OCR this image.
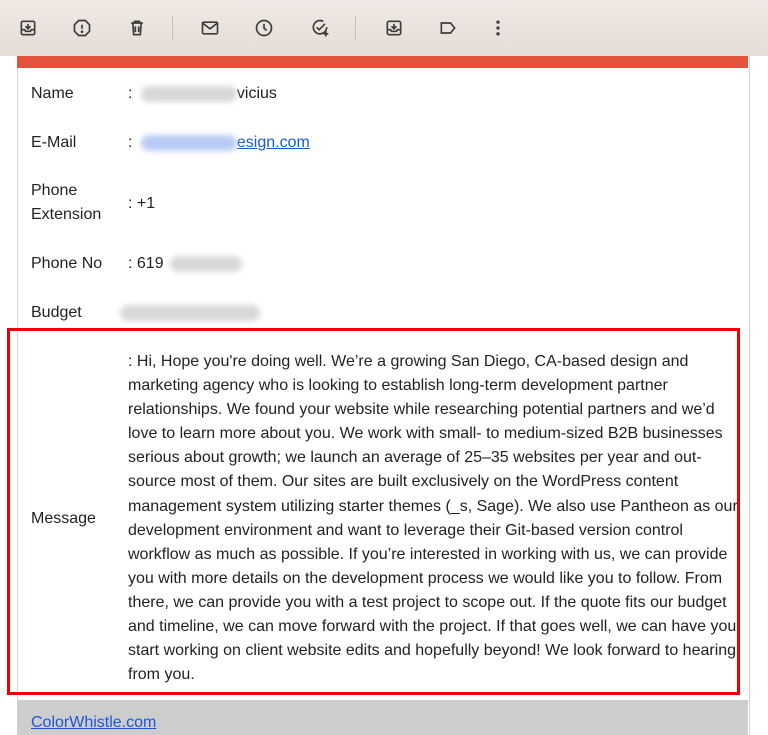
Name	:	vicius
E-Mail	:	esign.com
Phone
Extension
: +1
Phone No : 619
Budget
Message
: Hi, Hope you're doing well. We’re a growing San Diego, CA-based design and marketing agency who is looking to establish long-term development partner relationships. We found your website while researching potential partners and we’d love to learn more about you. We work with small- to medium-sized B2B businesses serious about growth; we launch an average of 25–35 websites per year and out-source most of them. Our sites are built exclusively on the WordPress content management system utilizing starter themes (_s, Sage). We also use Pantheon as our development environment and want to leverage their Git-based version control workflow as much as possible. If you’re interested in working with us, we can provide you with more details on the development process we would like you to follow. From there, we can provide you with a test project to scope out. If the quote fits our budget and timeline, we can move forward with the project. If that goes well, we can have you start working on client website edits and hopefully beyond! We look forward to hearing from you.
ColorWhistle.com
